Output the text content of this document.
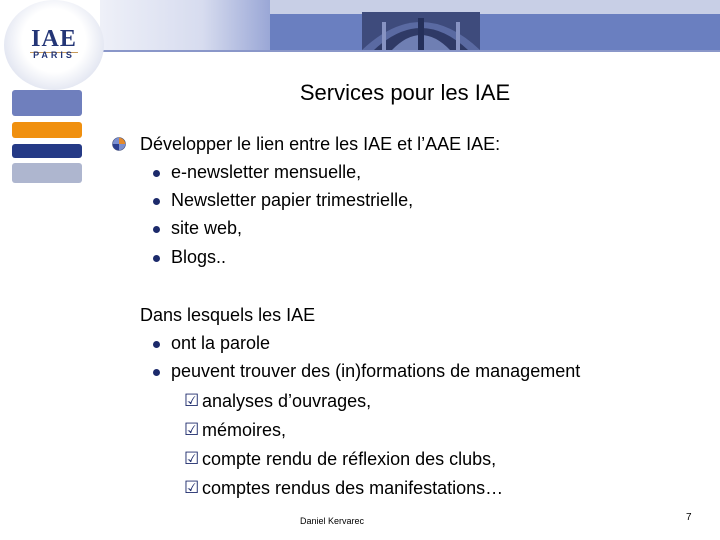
IAE
PARIS
Services pour les IAE
Développer le lien entre les IAE et l’AAE IAE:
e-newsletter mensuelle,
Newsletter papier trimestrielle,
site web,
Blogs..
Dans lesquels les IAE
ont la parole
peuvent trouver des (in)formations de management
☑ analyses d’ouvrages,
☑ mémoires,
☑ compte rendu de réflexion des clubs,
☑ comptes rendus des manifestations…
Daniel Kervarec	7
